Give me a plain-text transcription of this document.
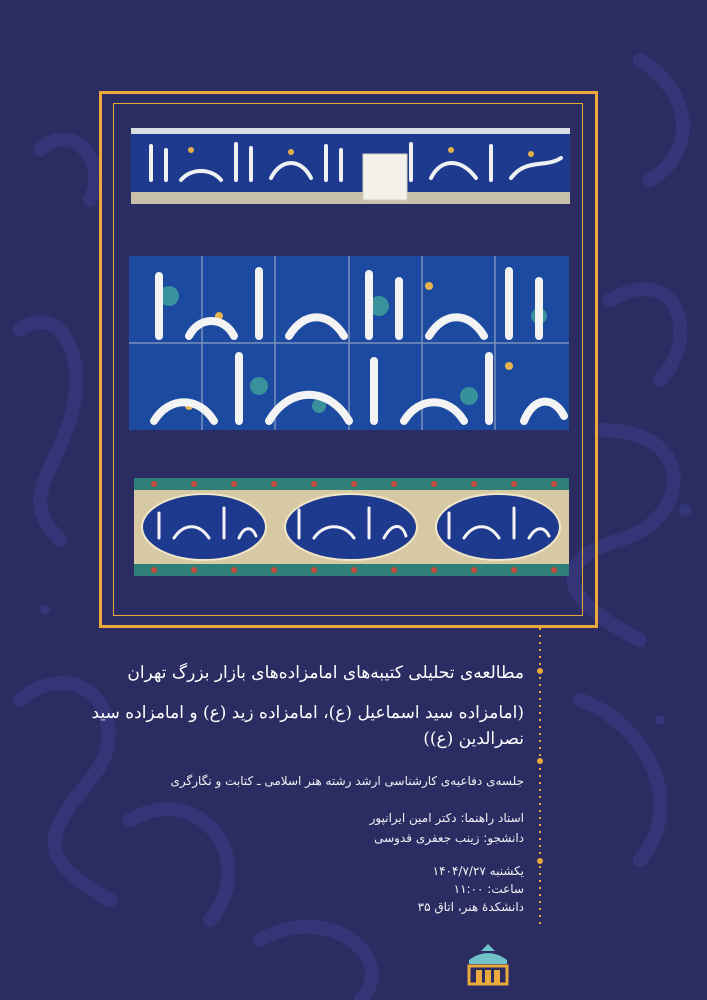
مطالعه‌ی تحلیلی کتیبه‌های امامزاده‌های بازار بزرگ تهران
(امامزاده سید اسماعیل (ع)، امامزاده زید (ع) و امامزاده سید نصرالدین (ع))
جلسه‌ی دفاعیه‌ی کارشناسی ارشد رشته هنر اسلامی ـ کتابت و نگارگری
استاد راهنما: دکتر امین ایرانپور
دانشجو: زینب جعفری قدوسی
یکشنبه ۱۴۰۴/۷/۲۷
ساعت: ۱۱:۰۰
دانشکدهٔ هنر، اتاق ۳۵
